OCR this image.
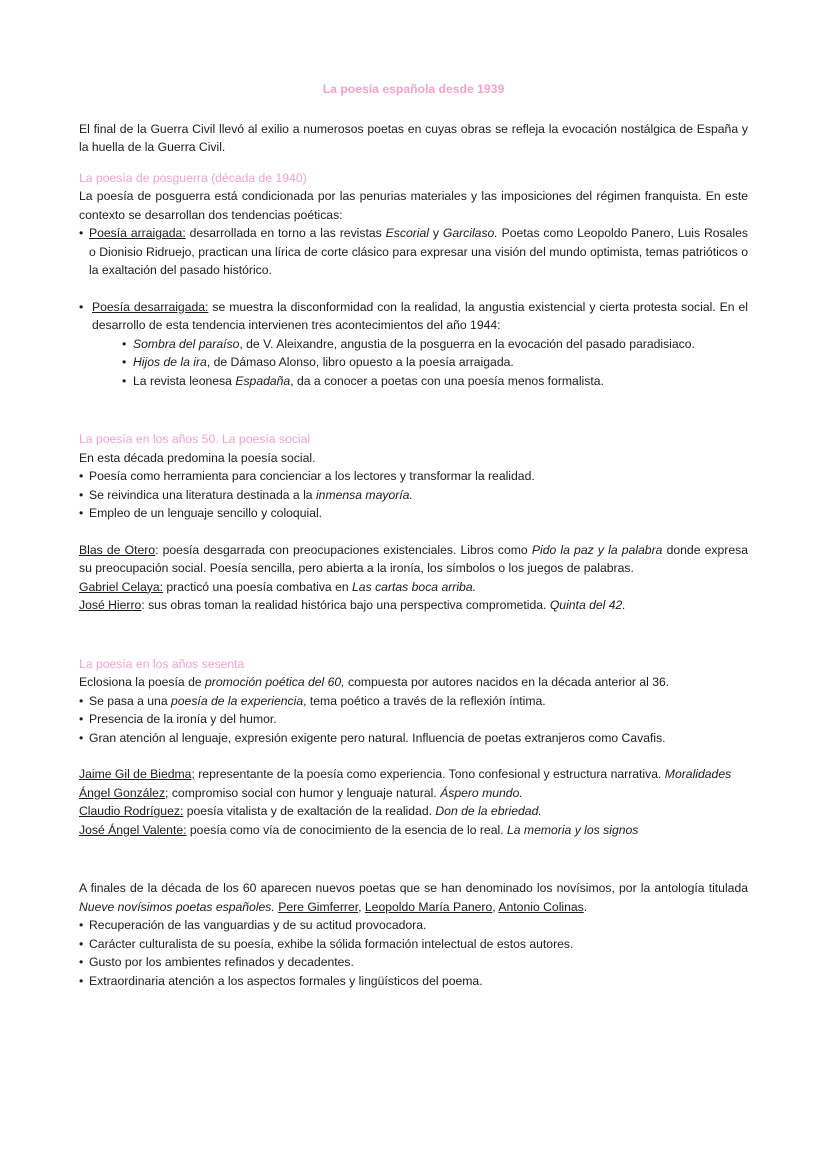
La poesía española desde 1939

El final de la Guerra Civil llevó al exilio a numerosos poetas en cuyas obras se refleja la evocación nostálgica de España y la huella de la Guerra Civil.

La poesía de posguerra (década de 1940)

La poesía de posguerra está condicionada por las penurias materiales y las imposiciones del régimen franquista. En este contexto se desarrollan dos tendencias poéticas:

• Poesía arraigada: desarrollada en torno a las revistas Escorial y Garcilaso. Poetas como Leopoldo Panero, Luis Rosales o Dionisio Ridruejo, practican una lírica de corte clásico para expresar una visión del mundo optimista, temas patrióticos o la exaltación del pasado histórico.
• Poesía desarraigada: se muestra la disconformidad con la realidad, la angustia existencial y cierta protesta social. En el desarrollo de esta tendencia intervienen tres acontecimientos del año 1944:
• Sombra del paraíso, de V. Aleixandre, angustia de la posguerra en la evocación del pasado paradisiaco.
• Hijos de la ira, de Dámaso Alonso, libro opuesto a la poesía arraigada.
• La revista leonesa Espadaña, da a conocer a poetas con una poesía menos formalista.

La poesía en los años 50. La poesía social

En esta década predomina la poesía social.

• Poesía como herramienta para concienciar a los lectores y transformar la realidad.
• Se reivindica una literatura destinada a la inmensa mayoría.
• Empleo de un lenguaje sencillo y coloquial.

Blas de Otero: poesía desgarrada con preocupaciones existenciales. Libros como Pido la paz y la palabra donde expresa su preocupación social. Poesía sencilla, pero abierta a la ironía, los símbolos o los juegos de palabras.

Gabriel Celaya: practicó una poesía combativa en Las cartas boca arriba.

José Hierro: sus obras toman la realidad histórica bajo una perspectiva comprometida. Quinta del 42.

La poesía en los años sesenta

Eclosiona la poesía de promoción poética del 60, compuesta por autores nacidos en la década anterior al 36.

• Se pasa a una poesía de la experiencia, tema poético a través de la reflexión íntima.
• Presencia de la ironía y del humor.
• Gran atención al lenguaje, expresión exigente pero natural. Influencia de poetas extranjeros como Cavafis.

Jaime Gil de Biedma; representante de la poesía como experiencia. Tono confesional y estructura narrativa. Moralidades

Ángel González; compromiso social con humor y lenguaje natural. Áspero mundo.

Claudio Rodríguez: poesía vitalista y de exaltación de la realidad. Don de la ebriedad.

José Ángel Valente: poesía como vía de conocimiento de la esencia de lo real. La memoria y los signos

A finales de la década de los 60 aparecen nuevos poetas que se han denominado los novísimos, por la antología titulada Nueve novísimos poetas españoles. Pere Gimferrer, Leopoldo María Panero, Antonio Colinas.

• Recuperación de las vanguardias y de su actitud provocadora.
• Carácter culturalista de su poesía, exhibe la sólida formación intelectual de estos autores.
• Gusto por los ambientes refinados y decadentes.
• Extraordinaria atención a los aspectos formales y lingüísticos del poema.
